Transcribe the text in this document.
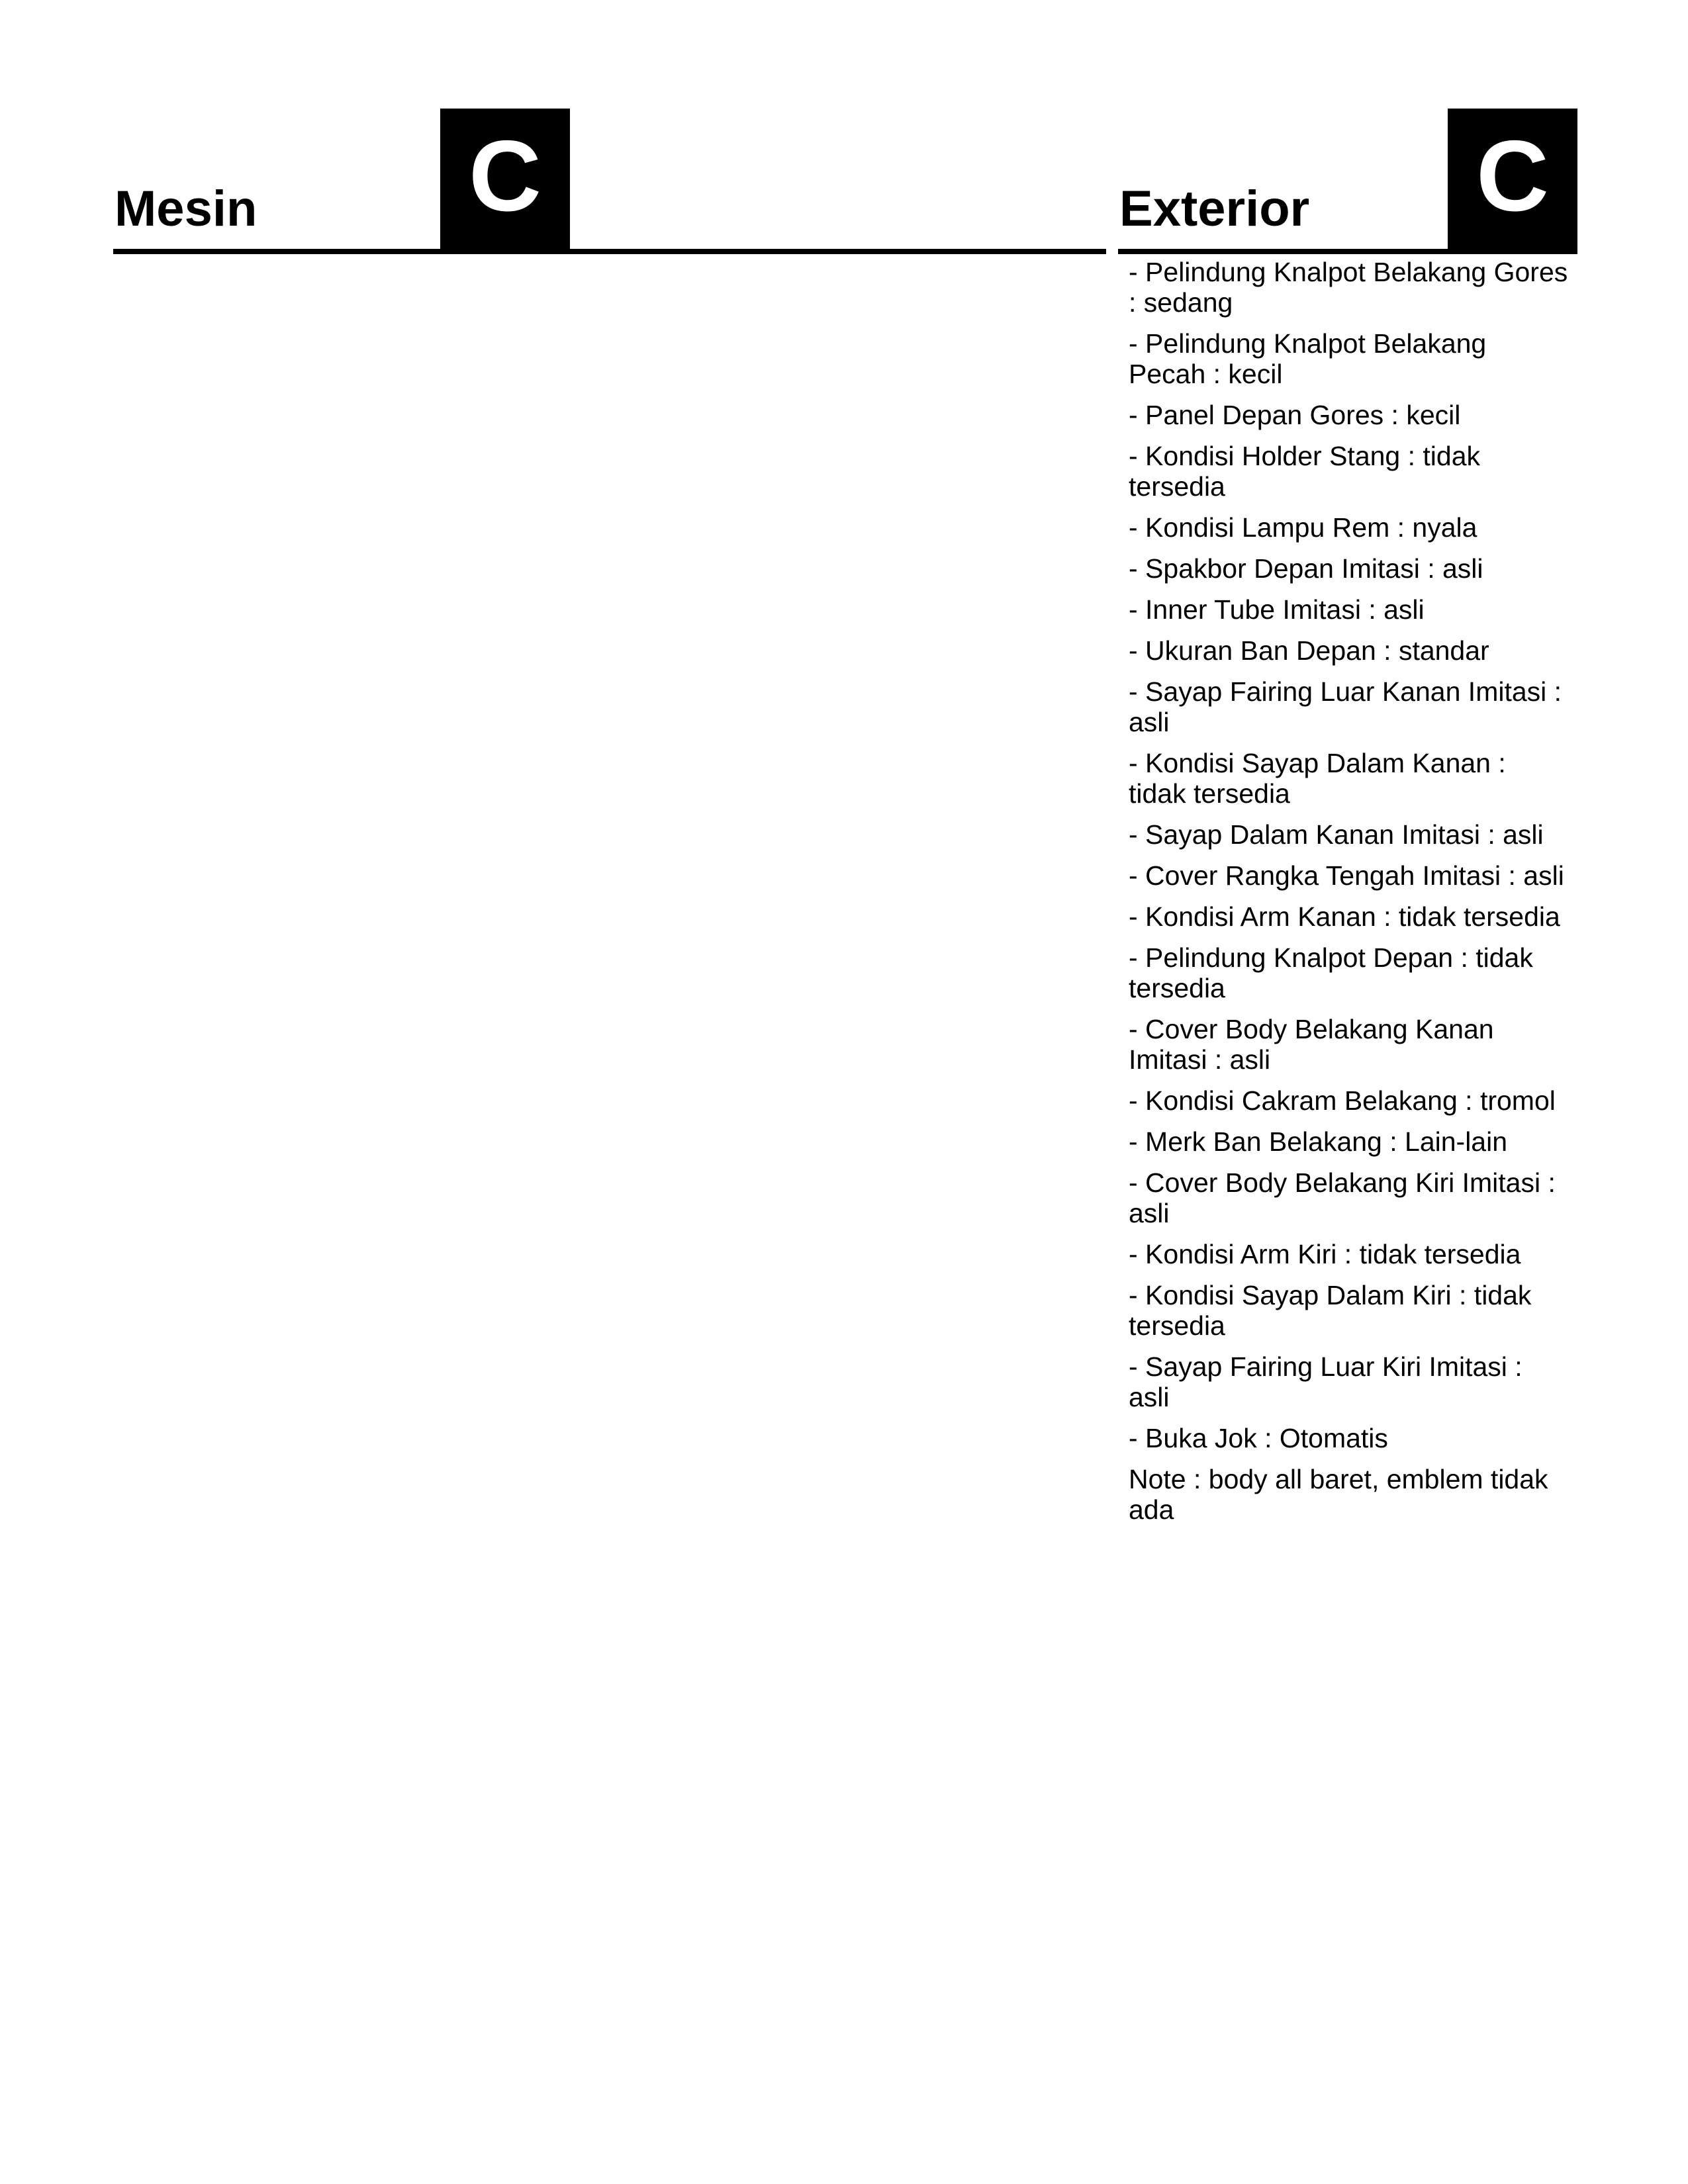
Mesin C	Exterior C
- Pelindung Knalpot Belakang Gores : sedang
- Pelindung Knalpot Belakang Pecah : kecil
- Panel Depan Gores : kecil
- Kondisi Holder Stang : tidak tersedia
- Kondisi Lampu Rem : nyala
- Spakbor Depan Imitasi : asli
- Inner Tube Imitasi : asli
- Ukuran Ban Depan : standar
- Sayap Fairing Luar Kanan Imitasi : asli
- Kondisi Sayap Dalam Kanan : tidak tersedia
- Sayap Dalam Kanan Imitasi : asli
- Cover Rangka Tengah Imitasi : asli
- Kondisi Arm Kanan : tidak tersedia
- Pelindung Knalpot Depan : tidak tersedia
- Cover Body Belakang Kanan Imitasi : asli
- Kondisi Cakram Belakang : tromol
- Merk Ban Belakang : Lain-lain
- Cover Body Belakang Kiri Imitasi : asli
- Kondisi Arm Kiri : tidak tersedia
- Kondisi Sayap Dalam Kiri : tidak tersedia
- Sayap Fairing Luar Kiri Imitasi : asli
- Buka Jok : Otomatis
Note : body all baret, emblem tidak ada
